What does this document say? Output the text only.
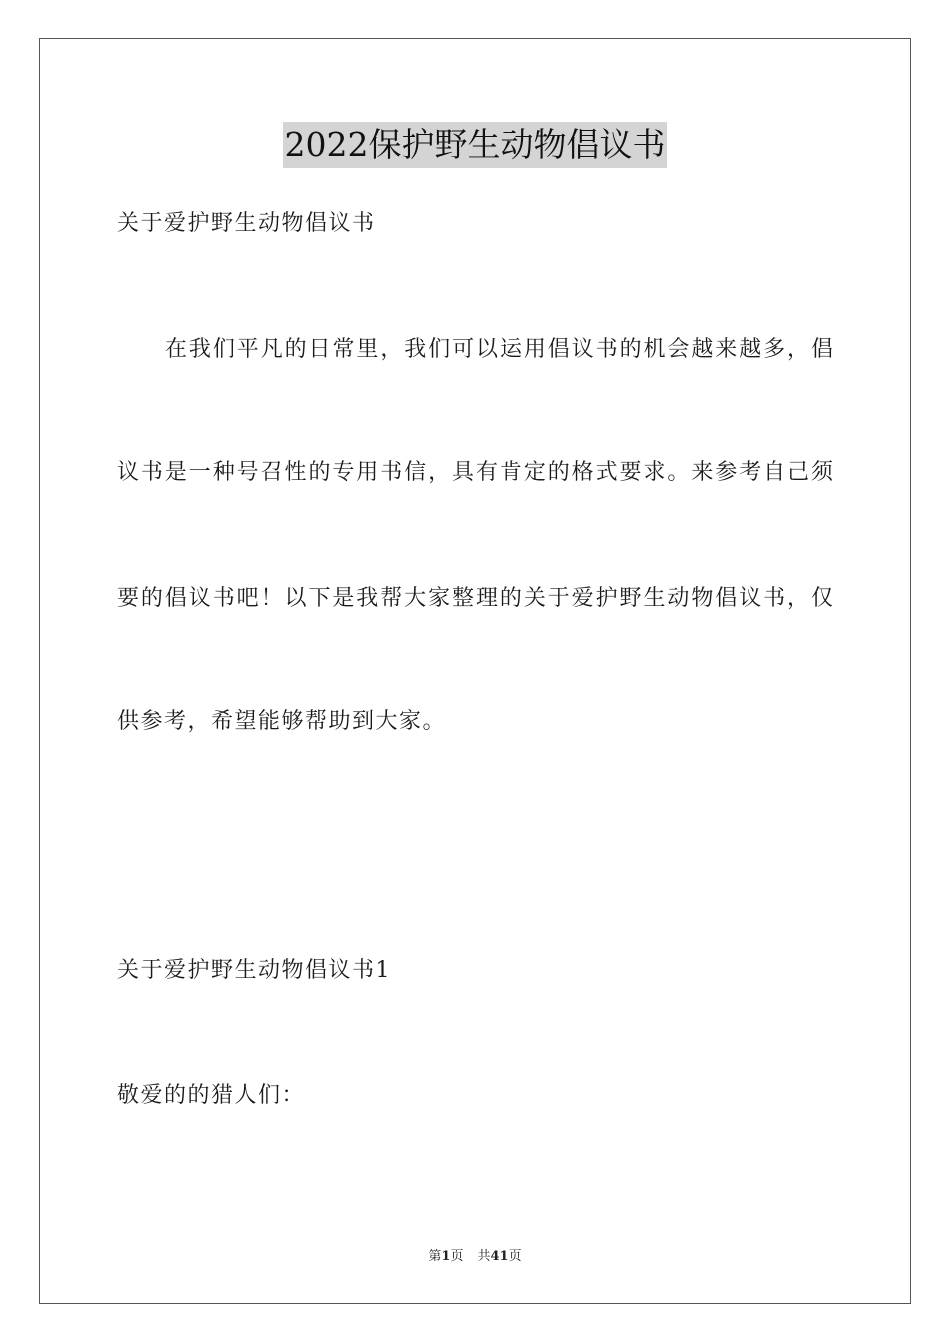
2022保护野生动物倡议书
关于爱护野生动物倡议书
在我们平凡的日常里，我们可以运用倡议书的机会越来越多，倡
议书是一种号召性的专用书信，具有肯定的格式要求。来参考自己须
要的倡议书吧！以下是我帮大家整理的关于爱护野生动物倡议书，仅
供参考，希望能够帮助到大家。
关于爱护野生动物倡议书1
敬爱的的猎人们：
第1页 共41页
